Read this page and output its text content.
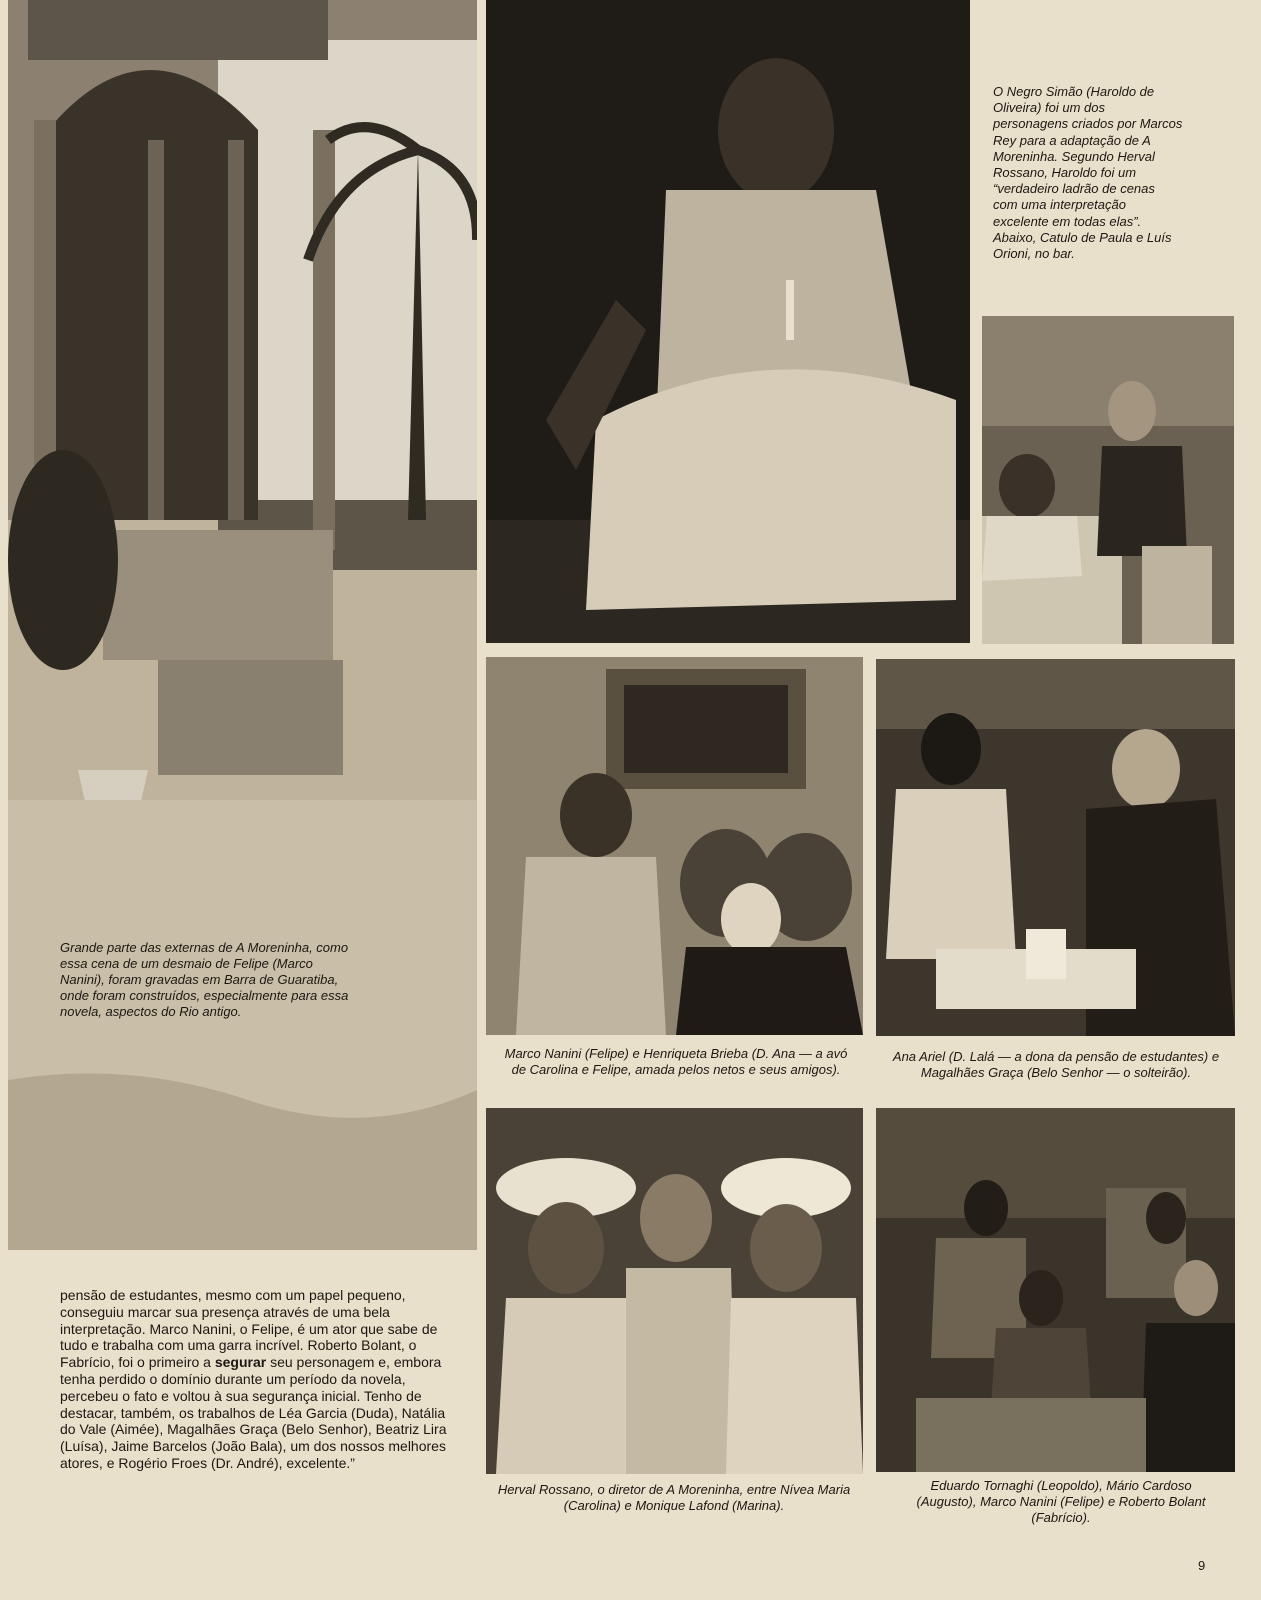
O Negro Simão (Haroldo de Oliveira) foi um dos personagens criados por Marcos Rey para a adaptação de A Moreninha. Segundo Herval Rossano, Haroldo foi um “verdadeiro ladrão de cenas com uma interpretação excelente em todas elas”. Abaixo, Catulo de Paula e Luís Orioni, no bar.

Marco Nanini (Felipe) e Henriqueta Brieba (D. Ana — a avó de Carolina e Felipe, amada pelos netos e seus amigos).

Ana Ariel (D. Lalá — a dona da pensão de estudantes) e Magalhães Graça (Belo Senhor — o solteirão).

Herval Rossano, o diretor de A Moreninha, entre Nívea Maria (Carolina) e Monique Lafond (Marina).

Eduardo Tornaghi (Leopoldo), Mário Cardoso (Augusto), Marco Nanini (Felipe) e Roberto Bolant (Fabrício).

Grande parte das externas de A Moreninha, como essa cena de um desmaio de Felipe (Marco Nanini), foram gravadas em Barra de Guaratiba, onde foram construídos, especialmente para essa novela, aspectos do Rio antigo.

pensão de estudantes, mesmo com um papel pequeno, conseguiu marcar sua presença através de uma bela interpretação. Marco Nanini, o Felipe, é um ator que sabe de tudo e trabalha com uma garra incrível. Roberto Bolant, o Fabrício, foi o primeiro a segurar seu personagem e, embora tenha perdido o domínio durante um período da novela, percebeu o fato e voltou à sua segurança inicial. Tenho de destacar, também, os trabalhos de Léa Garcia (Duda), Natália do Vale (Aimée), Magalhães Graça (Belo Senhor), Beatriz Lira (Luísa), Jaime Barcelos (João Bala), um dos nossos melhores atores, e Rogério Froes (Dr. André), excelente.”

9
